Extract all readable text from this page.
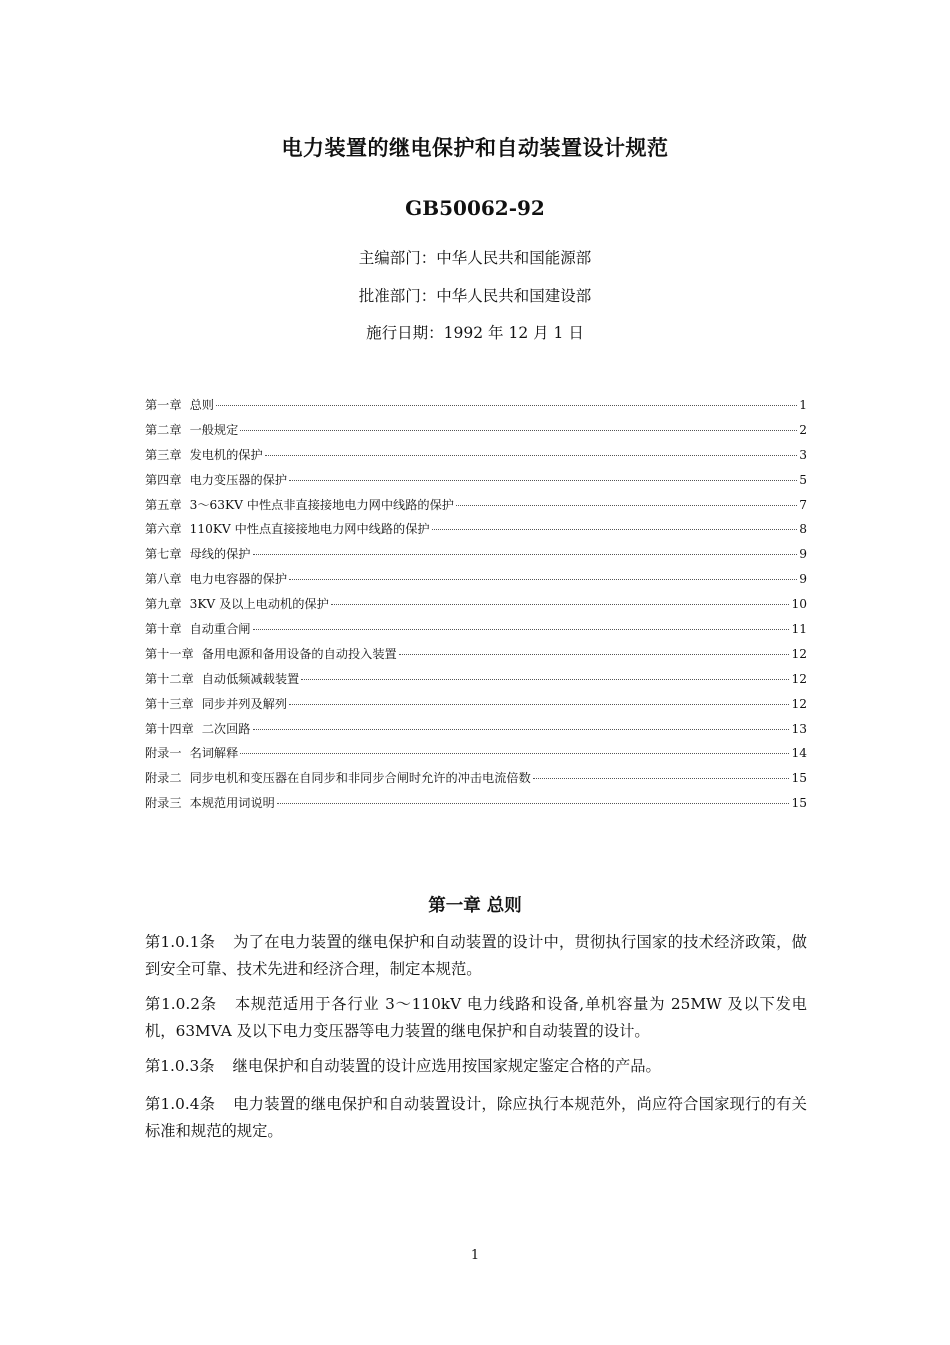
电力装置的继电保护和自动装置设计规范
GB50062-92
主编部门：中华人民共和国能源部
批准部门：中华人民共和国建设部
施行日期：1992 年 12 月 1 日
第一章 总则	1
第二章 一般规定	2
第三章 发电机的保护	3
第四章 电力变压器的保护	5
第五章 3～63KV 中性点非直接接地电力网中线路的保护	7
第六章 110KV 中性点直接接地电力网中线路的保护	8
第七章 母线的保护	9
第八章 电力电容器的保护	9
第九章 3KV 及以上电动机的保护	10
第十章 自动重合闸	11
第十一章 备用电源和备用设备的自动投入装置	12
第十二章 自动低频减载装置	12
第十三章 同步并列及解列	12
第十四章 二次回路	13
附录一 名词解释	14
附录二 同步电机和变压器在自同步和非同步合闸时允许的冲击电流倍数	15
附录三 本规范用词说明	15
第一章 总则
第1.0.1条 为了在电力装置的继电保护和自动装置的设计中，贯彻执行国家的技术经济政策，做到安全可靠、技术先进和经济合理，制定本规范。
第1.0.2条 本规范适用于各行业 3～110kV 电力线路和设备,单机容量为 25MW 及以下发电机，63MVA 及以下电力变压器等电力装置的继电保护和自动装置的设计。
第1.0.3条 继电保护和自动装置的设计应选用按国家规定鉴定合格的产品。
第1.0.4条 电力装置的继电保护和自动装置设计，除应执行本规范外，尚应符合国家现行的有关标准和规范的规定。
1
